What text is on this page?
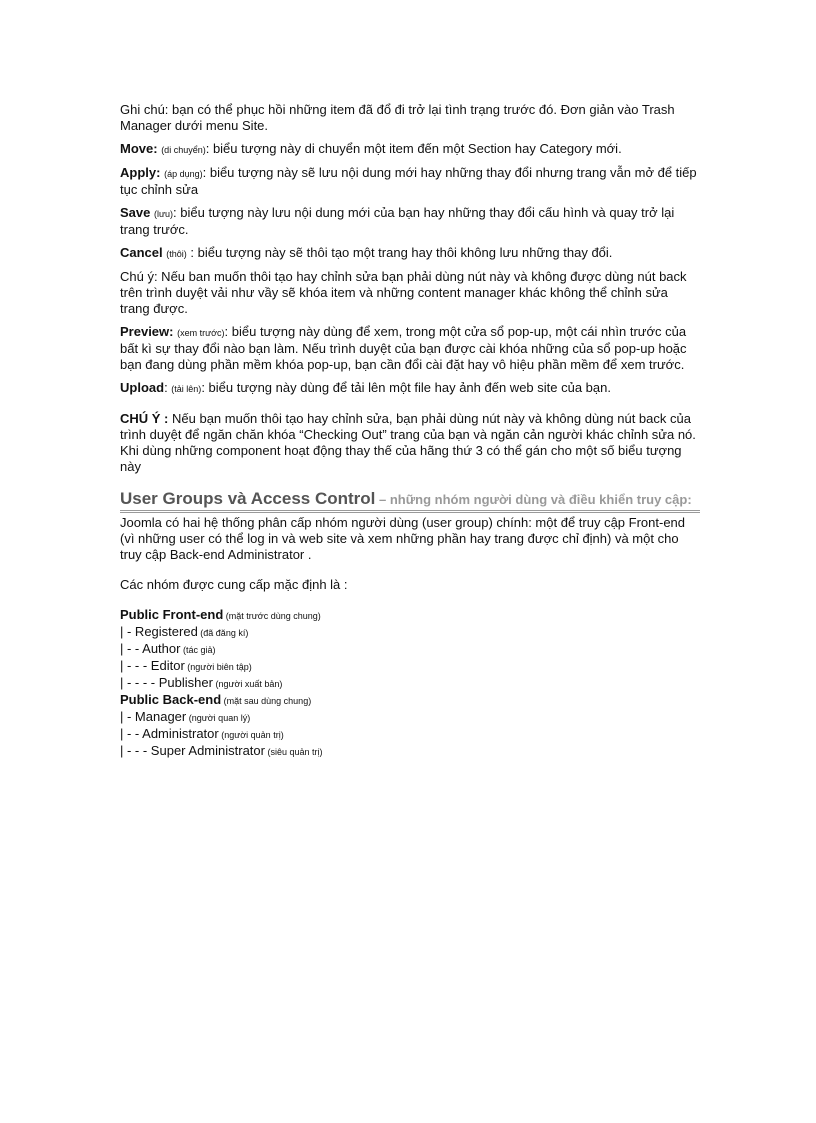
Ghi chú: bạn có thể phục hồi những item đã đổ đi trở lại tình trạng trước đó. Đơn giản vào Trash Manager dưới menu Site.

Move: (di chuyển): biểu tượng này di chuyển một item đến một Section hay Category mới.

Apply: (áp dụng): biểu tượng này sẽ lưu nội dung mới hay những thay đổi nhưng trang vẫn mở để tiếp tục chỉnh sửa

Save (lưu): biểu tượng này lưu nội dung mới của bạn hay những thay đổi cấu hình và quay trở lại trang trước.

Cancel (thôi) : biểu tượng này sẽ thôi tạo một trang hay thôi không lưu những thay đổi.

Chú ý: Nếu ban muốn thôi tạo hay chỉnh sửa bạn phải dùng nút này và không được dùng nút back trên trình duyệt vải như vầy sẽ khóa item và những content manager khác không thể chỉnh sửa trang được.

Preview: (xem trước): biểu tượng này dùng để xem, trong một cửa sổ pop-up, một cái nhìn trước của bất kì sự thay đổi nào bạn làm. Nếu trình duyệt của bạn được cài khóa những của sổ pop-up hoặc bạn đang dùng phần mềm khóa pop-up, bạn cần đổi cài đặt hay vô hiệu phần mềm để xem trước.

Upload: (tải lên): biểu tượng này dùng để tải lên một file hay ảnh đến web site của bạn.

CHÚ Ý : Nếu bạn muốn thôi tạo hay chỉnh sửa, bạn phải dùng nút này và không dùng nút back của trình duyệt để ngăn chăn khóa “Checking Out” trang của bạn và ngăn cản người khác chỉnh sửa nó. Khi dùng những component hoạt động thay thế của hãng thứ 3 có thể gán cho một số biểu tượng này

User Groups và Access Control – những nhóm người dùng và điều khiển truy cập:

Joomla có hai hệ thống phân cấp nhóm người dùng (user group) chính: một để truy cập Front-end (vì những user có thể log in và web site và xem những phần hay trang được chỉ định) và một cho truy cập Back-end Administrator .

Các nhóm được cung cấp mặc định là :

Public Front-end (mặt trước dùng chung)
| - Registered (đã đăng kí)
| - - Author (tác giả)
| - - - Editor (người biên tập)
| - - - - Publisher (người xuất bản)
Public Back-end (mặt sau dùng chung)
| - Manager (người quan lý)
| - - Administrator (người quản trị)
| - - - Super Administrator (siêu quản trị)
